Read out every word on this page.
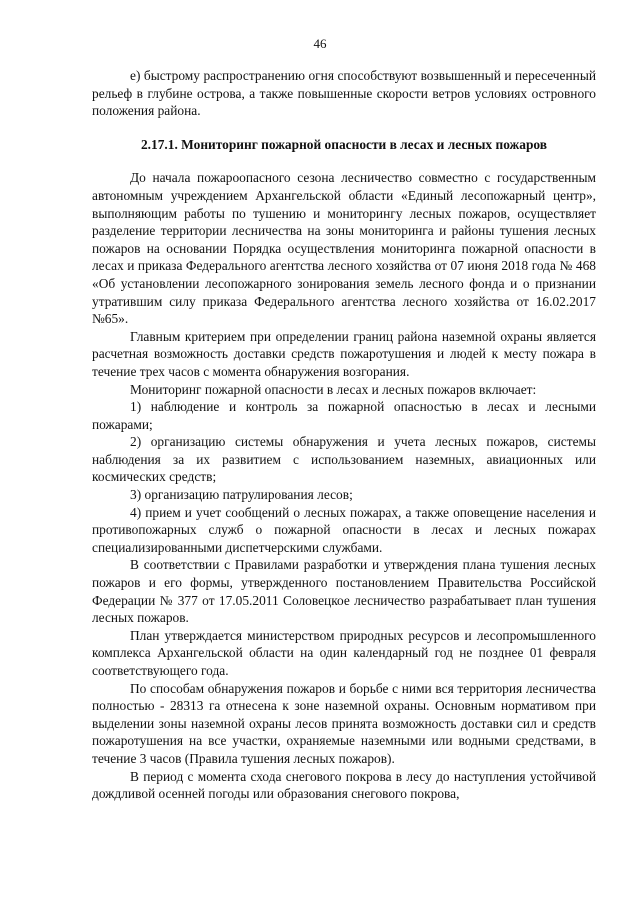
46

е) быстрому распространению огня способствуют возвышенный и пересеченный рельеф в глубине острова, а также повышенные скорости ветров условиях островного положения района.

2.17.1. Мониторинг пожарной опасности в лесах и лесных пожаров

До начала пожароопасного сезона лесничество совместно с государственным автономным учреждением Архангельской области «Единый лесопожарный центр», выполняющим работы по тушению и мониторингу лесных пожаров, осуществляет разделение территории лесничества на зоны мониторинга и районы тушения лесных пожаров на основании Порядка осуществления мониторинга пожарной опасности в лесах и приказа Федерального агентства лесного хозяйства от 07 июня 2018 года № 468 «Об установлении лесопожарного зонирования земель лесного фонда и о признании утратившим силу приказа Федерального агентства лесного хозяйства от 16.02.2017 №65».

Главным критерием при определении границ района наземной охраны является расчетная возможность доставки средств пожаротушения и людей к месту пожара в течение трех часов с момента обнаружения возгорания.

Мониторинг пожарной опасности в лесах и лесных пожаров включает:

1) наблюдение и контроль за пожарной опасностью в лесах и лесными пожарами;

2) организацию системы обнаружения и учета лесных пожаров, системы наблюдения за их развитием с использованием наземных, авиационных или космических средств;

3) организацию патрулирования лесов;

4) прием и учет сообщений о лесных пожарах, а также оповещение населения и противопожарных служб о пожарной опасности в лесах и лесных пожарах специализированными диспетчерскими службами.

В соответствии с Правилами разработки и утверждения плана тушения лесных пожаров и его формы, утвержденного постановлением Правительства Российской Федерации № 377 от 17.05.2011 Соловецкое лесничество разрабатывает план тушения лесных пожаров.

План утверждается министерством природных ресурсов и лесопромышленного комплекса Архангельской области на один календарный год не позднее 01 февраля соответствующего года.

По способам обнаружения пожаров и борьбе с ними вся территория лесничества полностью - 28313 га отнесена к зоне наземной охраны. Основным нормативом при выделении зоны наземной охраны лесов принята возможность доставки сил и средств пожаротушения на все участки, охраняемые наземными или водными средствами, в течение 3 часов (Правила тушения лесных пожаров).

В период с момента схода снегового покрова в лесу до наступления устойчивой дождливой осенней погоды или образования снегового покрова,
